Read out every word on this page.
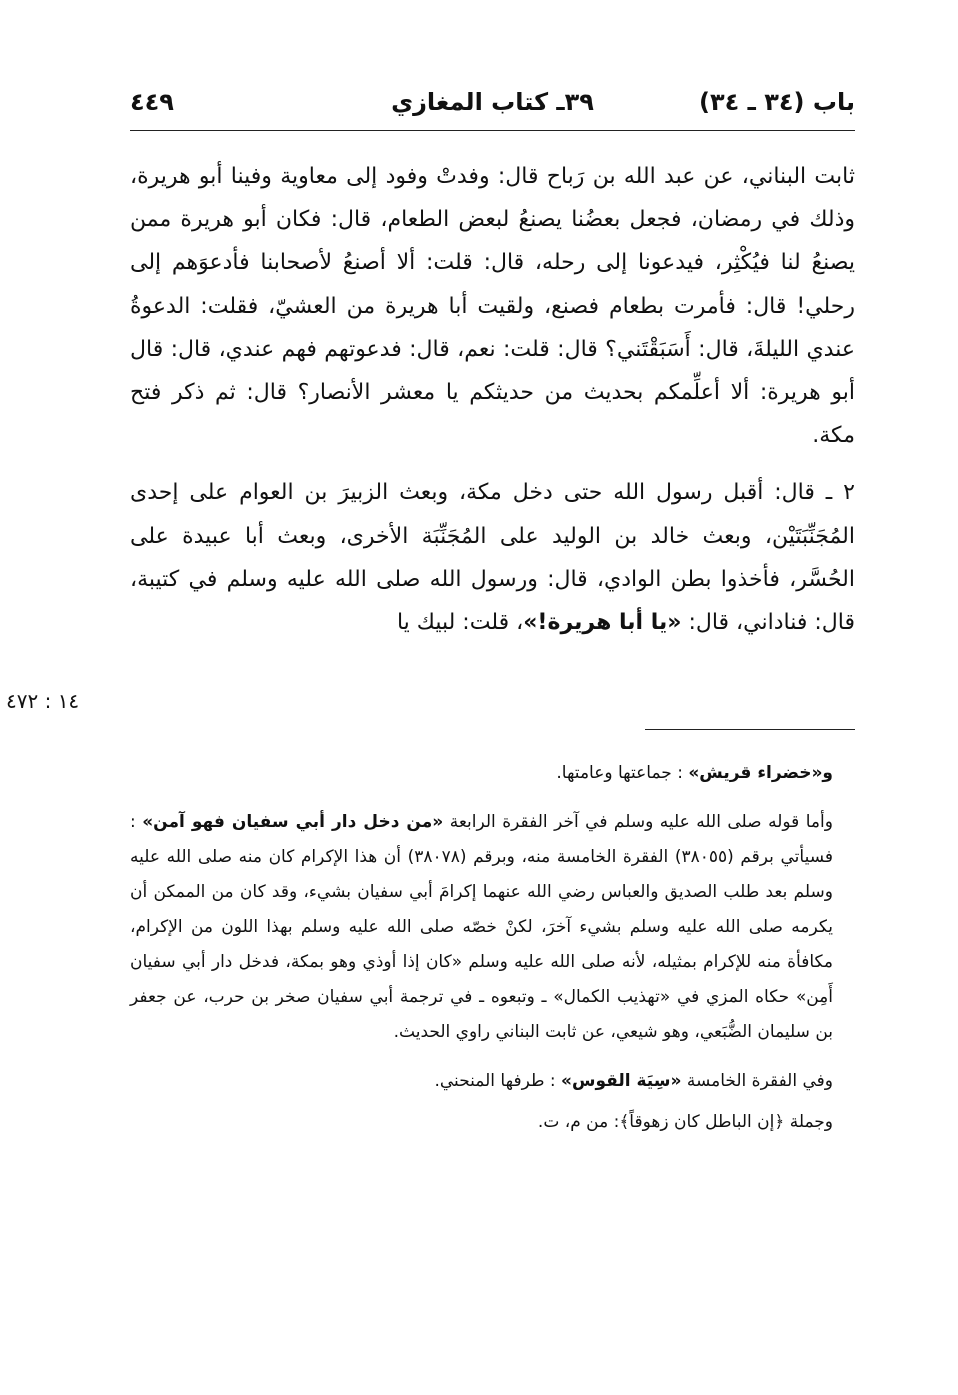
باب (٣٤ ـ ٣٤)
٣٩ـ كتاب المغازي
٤٤٩

ثابت البناني، عن عبد الله بن رَباح قال: وفدتْ وفود إلى معاوية وفينا أبو هريرة، وذلك في رمضان، فجعل بعضُنا يصنعُ لبعض الطعام، قال: فكان أبو هريرة ممن يصنعُ لنا فيُكْثِر، فيدعونا إلى رحله، قال: قلت: ألا أصنعُ لأصحابنا فأدعوَهم إلى رحلي! قال: فأمرت بطعام فصنع، ولقيت أبا هريرة من العشيّ، فقلت: الدعوةُ عندي الليلةَ، قال: أَسَبَقْتَني؟ قال: قلت: نعم، قال: فدعوتهم فهم عندي، قال: قال أبو هريرة: ألا أعلِّمكم بحديث من حديثكم يا معشر الأنصار؟ قال: ثم ذكر فتح مكة.

٢ ـ قال: أقبل رسول الله حتى دخل مكة، وبعث الزبيرَ بن العوام على إحدى المُجَنِّبَتَيْن، وبعث خالد بن الوليد على المُجَنِّبَة الأخرى، وبعث أبا عبيدة على الحُسَّر، فأخذوا بطن الوادي، قال: ورسول الله صلى الله عليه وسلم في كتيبة، قال: فناداني، قال: «يا أبا هريرة!»، قلت: لبيك يا

١٤ : ٤٧٢

و«خضراء قريش» : جماعتها وعامتها.

وأما قوله صلى الله عليه وسلم في آخر الفقرة الرابعة «من دخل دار أبي سفيان فهو آمن» : فسيأتي برقم (٣٨٠٥٥) الفقرة الخامسة منه، وبرقم (٣٨٠٧٨) أن هذا الإكرام كان منه صلى الله عليه وسلم بعد طلب الصديق والعباس رضي الله عنهما إكرامَ أبي سفيان بشيء، وقد كان من الممكن أن يكرمه صلى الله عليه وسلم بشيء آخرَ، لكنْ خصّه صلى الله عليه وسلم بهذا اللون من الإكرام، مكافأة منه للإكرام بمثيله، لأنه صلى الله عليه وسلم «كان إذا أوذي وهو بمكة، فدخل دار أبي سفيان أَمِن» حكاه المزي في «تهذيب الكمال» ـ وتبعوه ـ في ترجمة أبي سفيان صخر بن حرب، عن جعفر بن سليمان الضُّبَعي، وهو شيعي، عن ثابت البناني راوي الحديث.

وفي الفقرة الخامسة «سِيَة القوس» : طرفها المنحني.

وجملة ﴿إن الباطل كان زهوقاً﴾: من م، ت.
